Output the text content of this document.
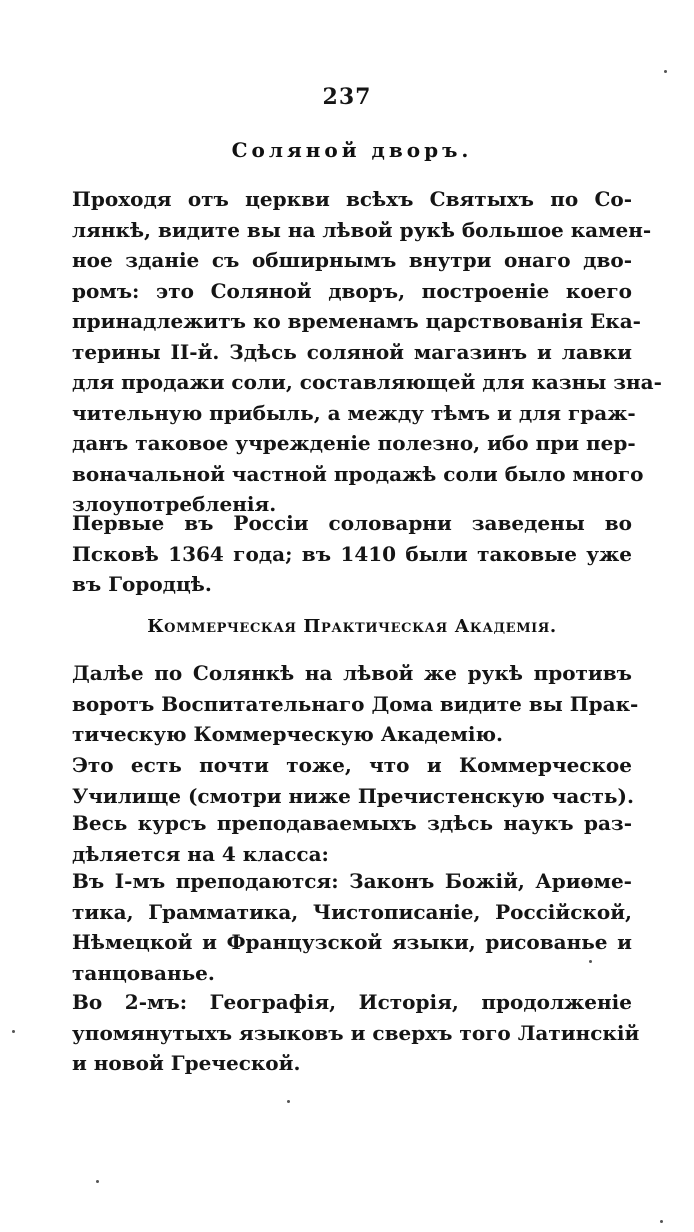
237
Соляной дворъ.

Проходя отъ церкви всѣхъ Святыхъ по Со-

лянкѣ, видите вы на лѣвой рукѣ большое камен-

ное зданіе съ обширнымъ внутри онаго дво-

ромъ: это Соляной дворъ, построеніе коего

принадлежитъ ко временамъ царствованія Ека-

терины II-й. Здѣсь соляной магазинъ и лавки

для продажи соли, составляющей для казны зна-

чительную прибыль, а между тѣмъ и для граж-

данъ таковое учрежденіе полезно, ибо при пер-

воначальной частной продажѣ соли было много

злоупотребленія.

Первые въ Россіи соловарни заведены во

Псковѣ 1364 года; въ 1410 были таковые уже

въ Городцѣ.

Коммерческая Практическая Академія.

Далѣе по Солянкѣ на лѣвой же рукѣ противъ

воротъ Воспитательнаго Дома видите вы Прак-

тическую Коммерческую Академію.

Это есть почти тоже, что и Коммерческое

Училище (смотри ниже Пречистенскую часть).

Весь курсъ преподаваемыхъ здѣсь наукъ раз-

дѣляется на 4 класса:

Въ I-мъ преподаются: Законъ Божій, Ариѳме-

тика, Грамматика, Чистописаніе, Россійской,

Нѣмецкой и Французской языки, рисованье и

танцованье.

Во 2-мъ: Географія, Исторія, продолженіе

упомянутыхъ языковъ и сверхъ того Латинскій

и новой Греческой.
